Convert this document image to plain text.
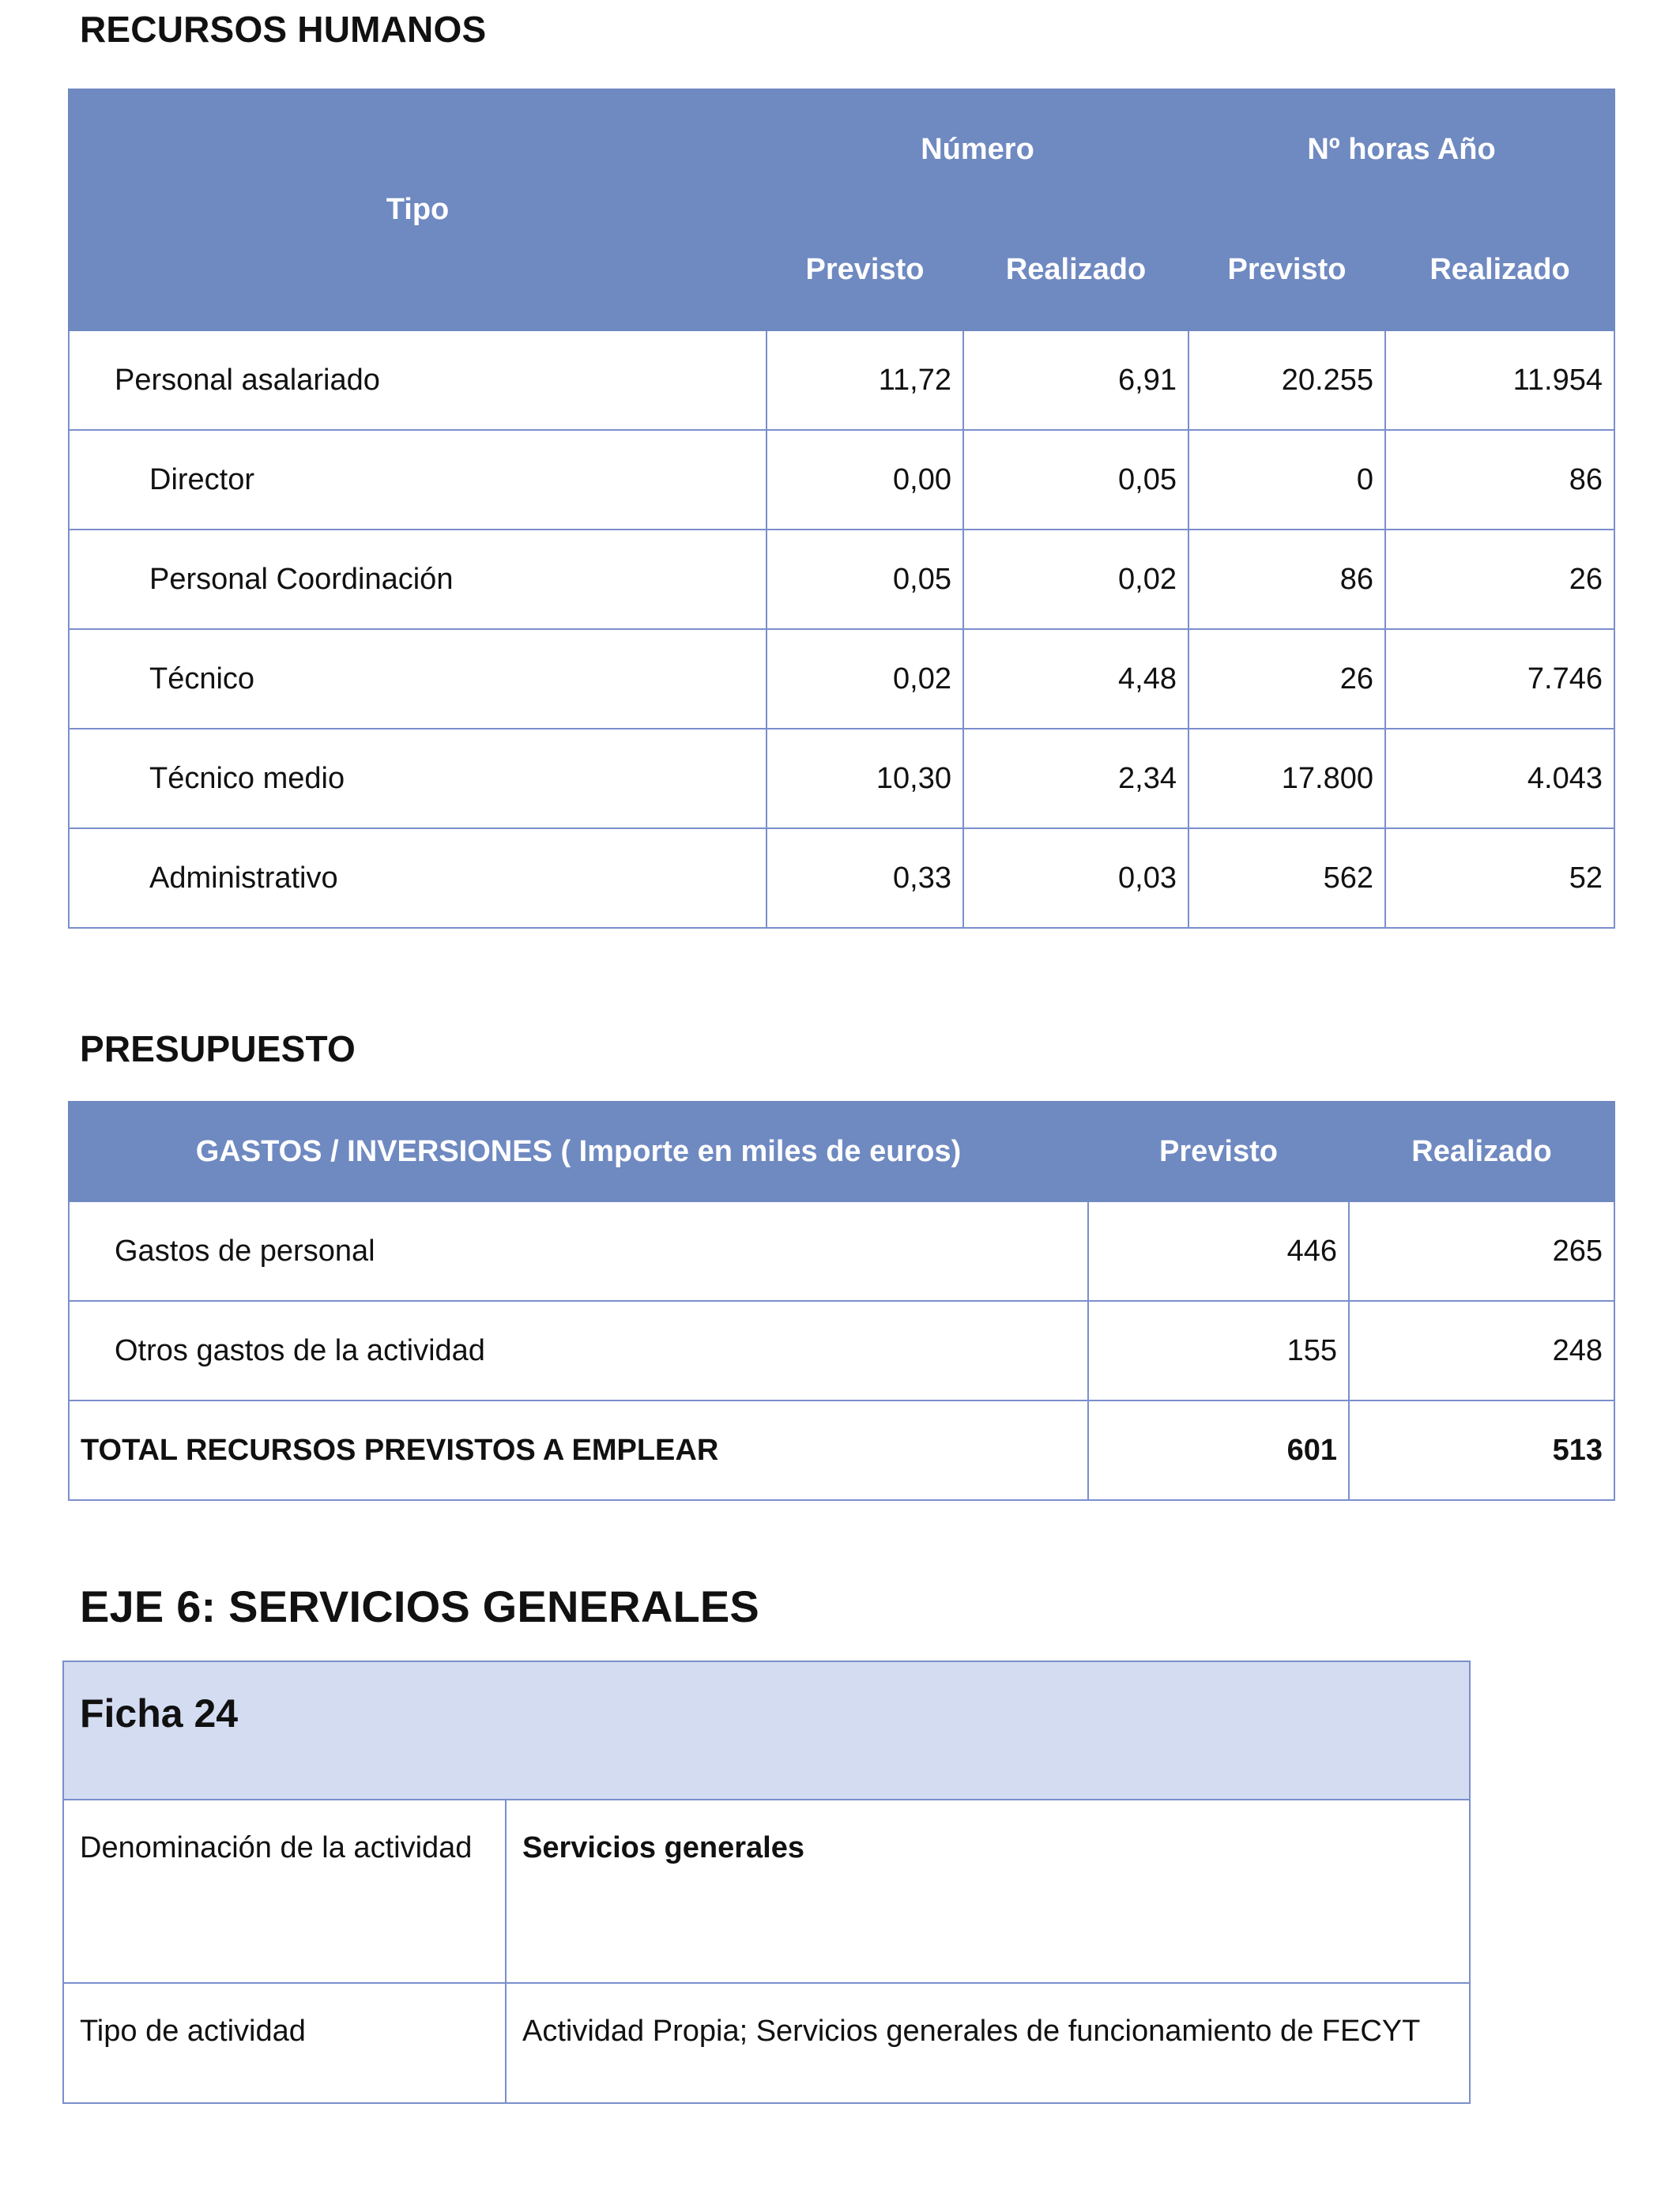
RECURSOS HUMANOS
Tipo	Número		Nº horas Año	
	Previsto	Realizado	Previsto	Realizado
Personal asalariado	11,72	6,91	20.255	11.954
Director	0,00	0,05	0	86
Personal Coordinación	0,05	0,02	86	26
Técnico	0,02	4,48	26	7.746
Técnico medio	10,30	2,34	17.800	4.043
Administrativo	0,33	0,03	562	52
PRESUPUESTO
GASTOS / INVERSIONES ( Importe en miles de euros)	Previsto	Realizado
Gastos de personal	446	265
Otros gastos de la actividad	155	248
TOTAL RECURSOS PREVISTOS A EMPLEAR	601	513
EJE 6: SERVICIOS GENERALES
Ficha 24	
Denominación de la actividad	Servicios generales
Tipo de actividad	Actividad Propia; Servicios generales de funcionamiento de FECYT
